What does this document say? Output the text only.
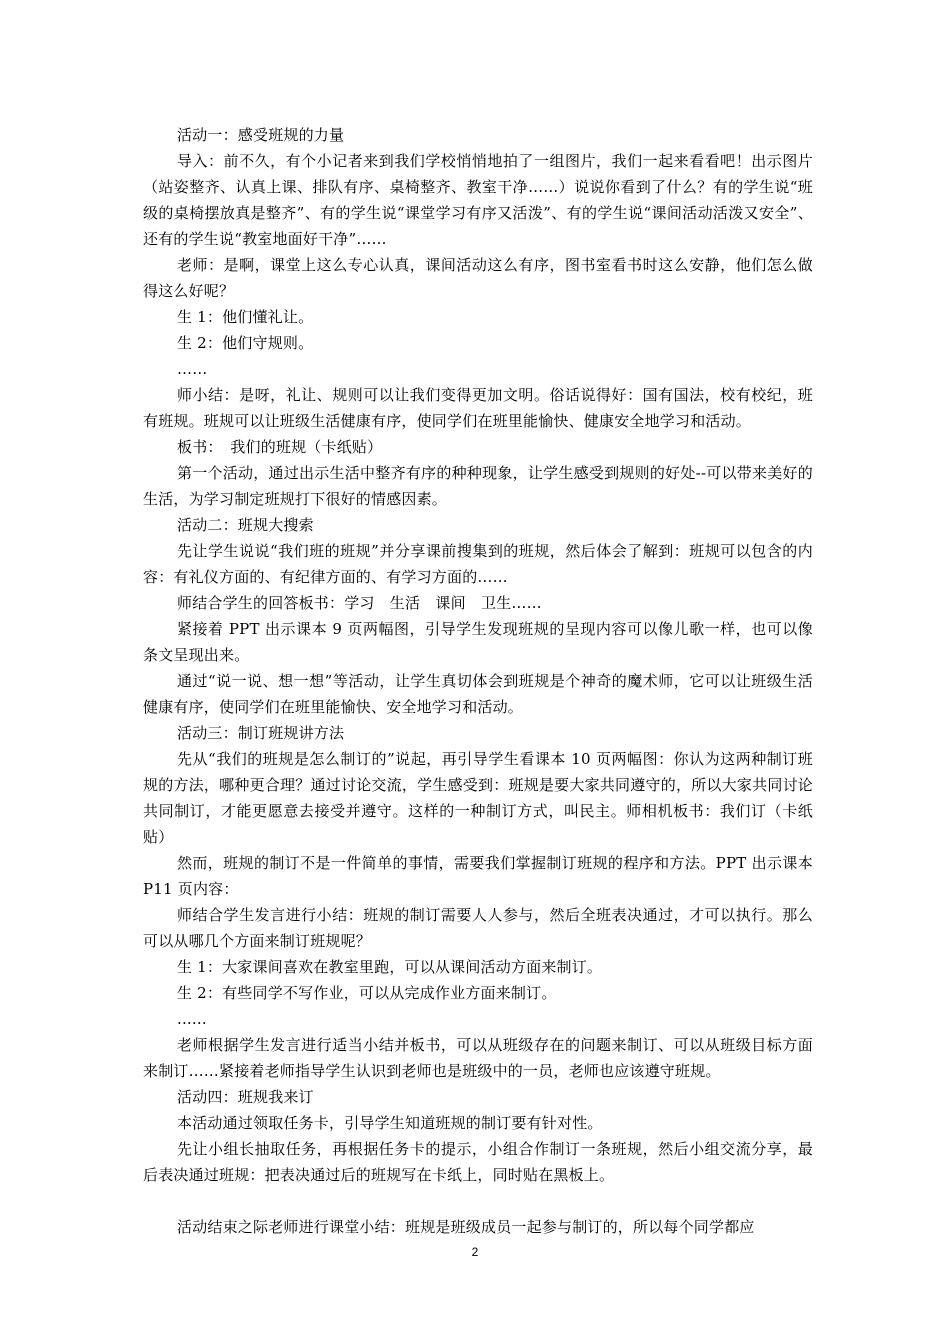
活动一：感受班规的力量

导入：前不久，有个小记者来到我们学校悄悄地拍了一组图片，我们一起来看看吧！出示图片（站姿整齐、认真上课、排队有序、桌椅整齐、教室干净……）说说你看到了什么？有的学生说“班级的桌椅摆放真是整齐”、有的学生说“课堂学习有序又活泼”、有的学生说“课间活动活泼又安全”、还有的学生说“教室地面好干净”……

老师：是啊，课堂上这么专心认真，课间活动这么有序，图书室看书时这么安静，他们怎么做得这么好呢？

生 1：他们懂礼让。

生 2：他们守规则。

……

师小结：是呀，礼让、规则可以让我们变得更加文明。俗话说得好：国有国法，校有校纪，班有班规。班规可以让班级生活健康有序，使同学们在班里能愉快、健康安全地学习和活动。

板书：　我们的班规（卡纸贴）

第一个活动，通过出示生活中整齐有序的种种现象，让学生感受到规则的好处--可以带来美好的生活，为学习制定班规打下很好的情感因素。

活动二：班规大搜索

先让学生说说“我们班的班规”并分享课前搜集到的班规，然后体会了解到：班规可以包含的内容：有礼仪方面的、有纪律方面的、有学习方面的……

师结合学生的回答板书：学习　生活　课间　卫生……

紧接着 PPT 出示课本 9 页两幅图，引导学生发现班规的呈现内容可以像儿歌一样，也可以像条文呈现出来。

通过“说一说、想一想”等活动，让学生真切体会到班规是个神奇的魔术师，它可以让班级生活健康有序，使同学们在班里能愉快、安全地学习和活动。

活动三：制订班规讲方法

先从“我们的班规是怎么制订的”说起，再引导学生看课本 10 页两幅图：你认为这两种制订班规的方法，哪种更合理？通过讨论交流，学生感受到：班规是要大家共同遵守的，所以大家共同讨论共同制订，才能更愿意去接受并遵守。这样的一种制订方式，叫民主。师相机板书：我们订（卡纸贴）

然而，班规的制订不是一件简单的事情，需要我们掌握制订班规的程序和方法。PPT 出示课本 P11 页内容：

师结合学生发言进行小结：班规的制订需要人人参与，然后全班表决通过，才可以执行。那么可以从哪几个方面来制订班规呢？

生 1：大家课间喜欢在教室里跑，可以从课间活动方面来制订。

生 2：有些同学不写作业，可以从完成作业方面来制订。

......

老师根据学生发言进行适当小结并板书，可以从班级存在的问题来制订、可以从班级目标方面来制订……紧接着老师指导学生认识到老师也是班级中的一员，老师也应该遵守班规。

活动四：班规我来订

本活动通过领取任务卡，引导学生知道班规的制订要有针对性。

先让小组长抽取任务，再根据任务卡的提示，小组合作制订一条班规，然后小组交流分享，最后表决通过班规：把表决通过后的班规写在卡纸上，同时贴在黑板上。

活动结束之际老师进行课堂小结：班规是班级成员一起参与制订的，所以每个同学都应

2
